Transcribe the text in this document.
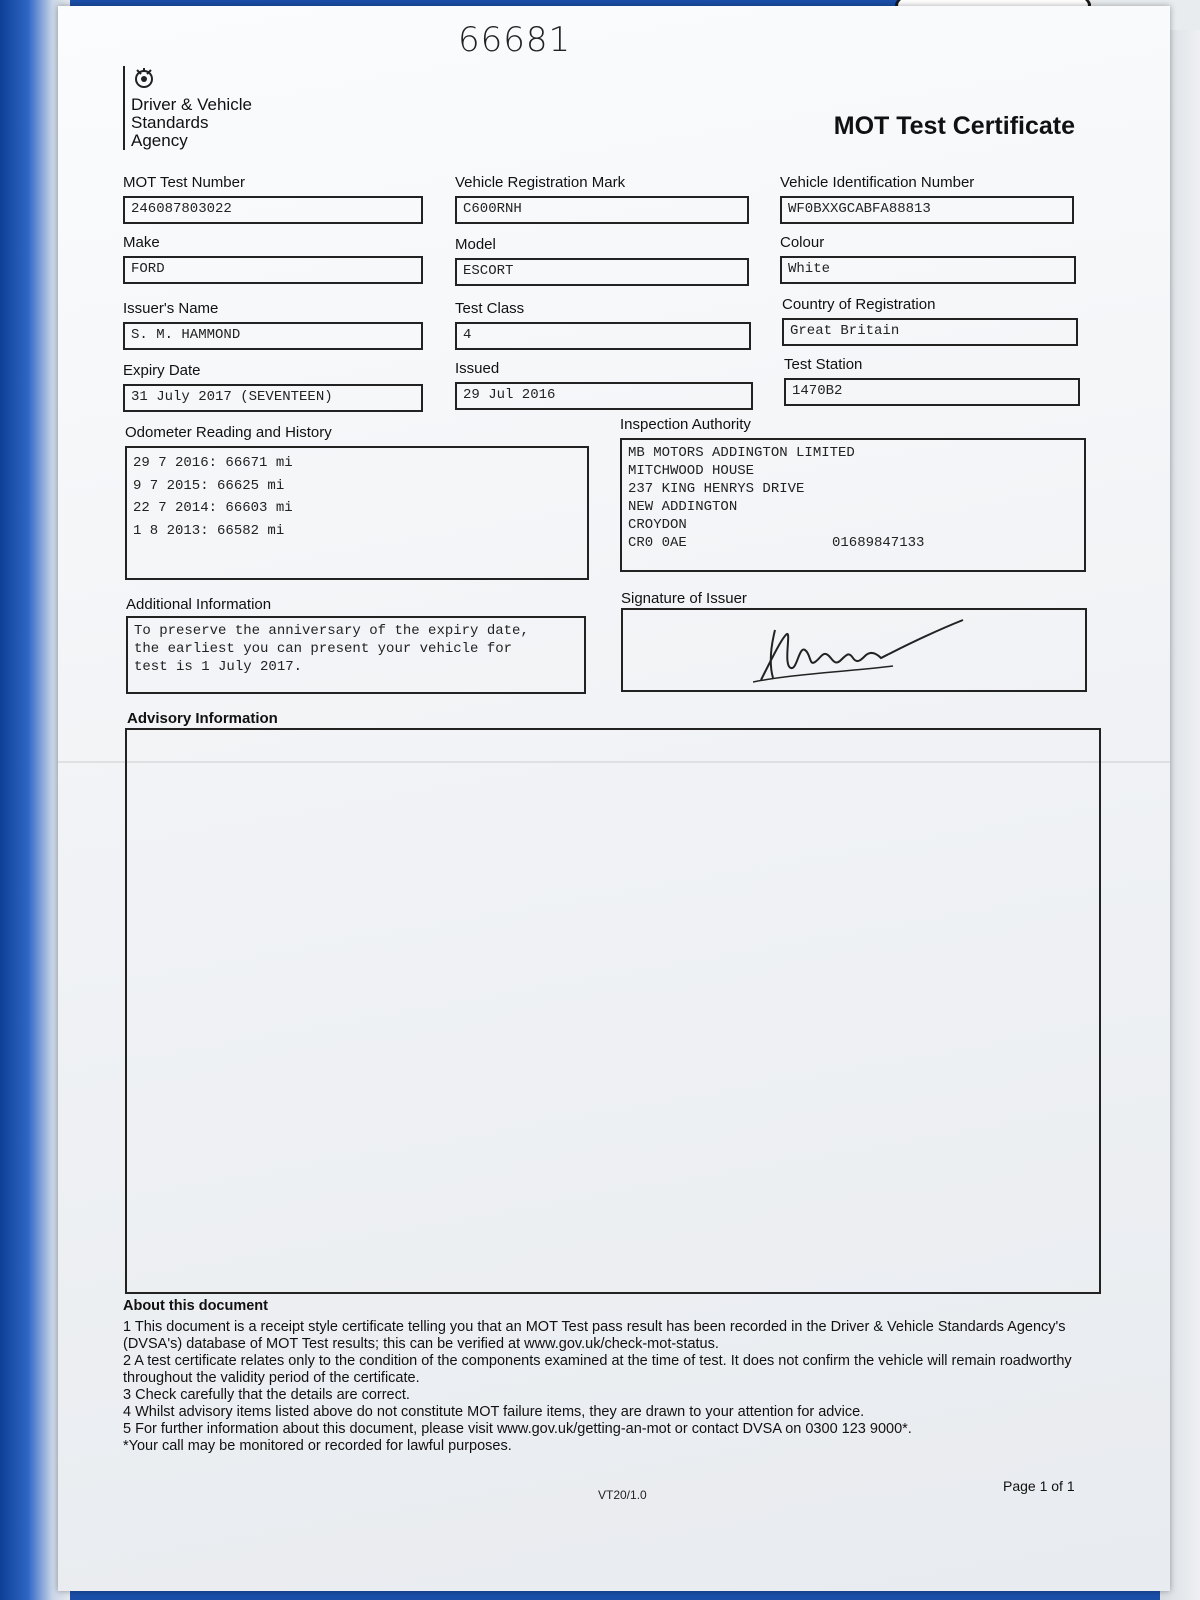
66681
Driver & Vehicle
Standards
Agency
MOT Test Certificate
MOT Test Number
246087803022
Vehicle Registration Mark
C600RNH
Vehicle Identification Number
WF0BXXGCABFA88813
Make
FORD
Model
ESCORT
Colour
White
Issuer's Name
S. M. HAMMOND
Test Class
4
Country of Registration
Great Britain
Expiry Date
31 July 2017 (SEVENTEEN)
Issued
29 Jul 2016
Test Station
1470B2
Odometer Reading and History
29 7 2016: 66671 mi
9 7 2015: 66625 mi
22 7 2014: 66603 mi
1 8 2013: 66582 mi
Inspection Authority
MB MOTORS ADDINGTON LIMITED
MITCHWOOD HOUSE
237 KING HENRYS DRIVE
NEW ADDINGTON
CROYDON
CR0 0AE	01689847133
Additional Information
To preserve the anniversary of the expiry date,
the earliest you can present your vehicle for
test is 1 July 2017.
Signature of Issuer

Advisory Information
About this document

1 This document is a receipt style certificate telling you that an MOT Test pass result has been recorded in the Driver & Vehicle Standards Agency's (DVSA's) database of MOT Test results; this can be verified at www.gov.uk/check-mot-status.

2 A test certificate relates only to the condition of the components examined at the time of test. It does not confirm the vehicle will remain roadworthy throughout the validity period of the certificate.

3 Check carefully that the details are correct.

4 Whilst advisory items listed above do not constitute MOT failure items, they are drawn to your attention for advice.

5 For further information about this document, please visit www.gov.uk/getting-an-mot or contact DVSA on 0300 123 9000*.

*Your call may be monitored or recorded for lawful purposes.

VT20/1.0
Page 1 of 1
